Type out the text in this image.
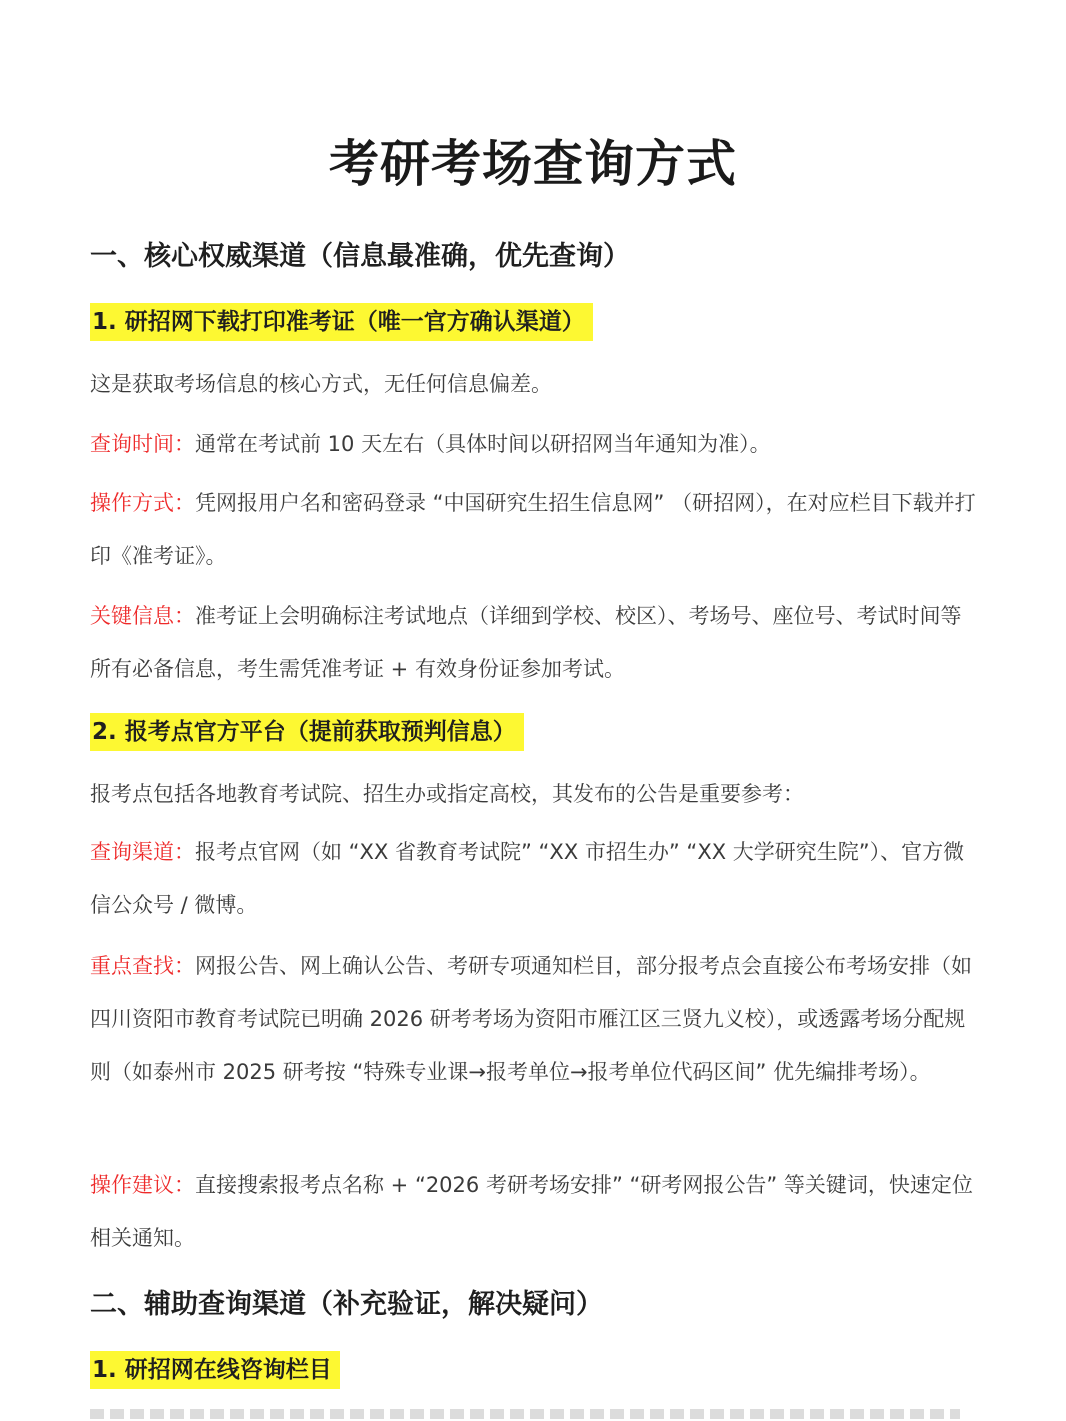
考研考场查询方式
一、核心权威渠道（信息最准确，优先查询）
1. 研招网下载打印准考证（唯一官方确认渠道）
这是获取考场信息的核心方式，无任何信息偏差。
查询时间：通常在考试前 10 天左右（具体时间以研招网当年通知为准）。
操作方式：凭网报用户名和密码登录 “中国研究生招生信息网” （研招网），在对应栏目下载并打印《准考证》。
关键信息：准考证上会明确标注考试地点（详细到学校、校区）、考场号、座位号、考试时间等所有必备信息，考生需凭准考证 + 有效身份证参加考试。
2. 报考点官方平台（提前获取预判信息）
报考点包括各地教育考试院、招生办或指定高校，其发布的公告是重要参考：
查询渠道：报考点官网（如 “XX 省教育考试院” “XX 市招生办” “XX 大学研究生院”）、官方微信公众号 / 微博。
重点查找：网报公告、网上确认公告、考研专项通知栏目，部分报考点会直接公布考场安排（如四川资阳市教育考试院已明确 2026 研考考场为资阳市雁江区三贤九义校），或透露考场分配规则（如泰州市 2025 研考按 “特殊专业课→报考单位→报考单位代码区间” 优先编排考场）。
操作建议：直接搜索报考点名称 + “2026 考研考场安排” “研考网报公告” 等关键词，快速定位相关通知。
二、辅助查询渠道（补充验证，解决疑问）
1. 研招网在线咨询栏目
